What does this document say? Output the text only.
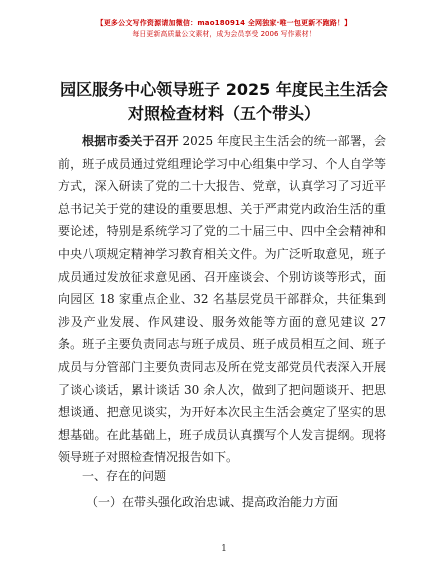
【更多公文写作资源请加微信：mao180914 全网独家·唯一包更新不跑路！】
每日更新高质量公文素材，成为会员享受 2006 写作素材！
园区服务中心领导班子 2025 年度民主生活会对照检查材料（五个带头）

根据市委关于召开 2025 年度民主生活会的统一部署，会前，班子成员通过党组理论学习中心组集中学习、个人自学等方式，深入研读了党的二十大报告、党章，认真学习了习近平总书记关于党的建设的重要思想、关于严肃党内政治生活的重要论述，特别是系统学习了党的二十届三中、四中全会精神和中央八项规定精神学习教育相关文件。为广泛听取意见，班子成员通过发放征求意见函、召开座谈会、个别访谈等形式，面向园区 18 家重点企业、32 名基层党员干部群众，共征集到涉及产业发展、作风建设、服务效能等方面的意见建议 27 条。班子主要负责同志与班子成员、班子成员相互之间、班子成员与分管部门主要负责同志及所在党支部党员代表深入开展了谈心谈话，累计谈话 30 余人次，做到了把问题谈开、把思想谈通、把意见谈实，为开好本次民主生活会奠定了坚实的思想基础。在此基础上，班子成员认真撰写个人发言提纲。现将领导班子对照检查情况报告如下。

一、存在的问题
（一）在带头强化政治忠诚、提高政治能力方面
1
